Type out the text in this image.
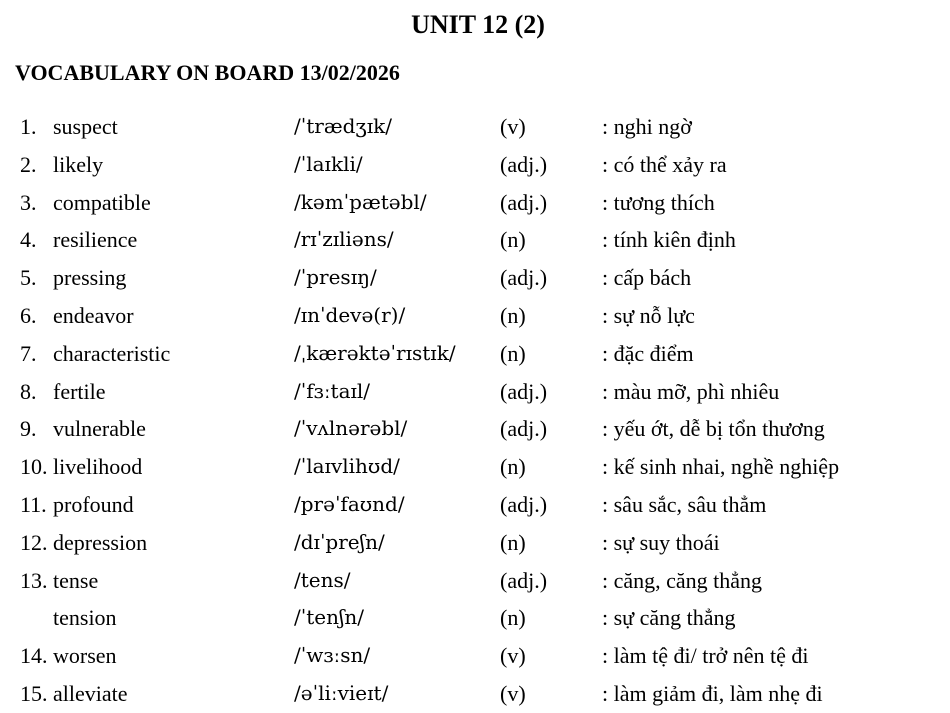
UNIT 12 (2)
VOCABULARY ON BOARD 13/02/2026
1. suspect	/ˈtrædʒɪk/	(v)	: nghi ngờ
2. likely	/ˈlaɪkli/	(adj.) : có thể xảy ra
3. compatible	/kəmˈpætəbl/	(adj.) : tương thích
4. resilience	/rɪˈzɪliəns/	(n)	: tính kiên định
5. pressing	/ˈpresɪŋ/	(adj.) : cấp bách
6. endeavor	/ɪnˈdevə(r)/	(n)	: sự nỗ lực
7. characteristic	/ˌkærəktəˈrɪstɪk/ (n)	: đặc điểm
8. fertile	/ˈfɜːtaɪl/	(adj.) : màu mỡ, phì nhiêu
9. vulnerable	/ˈvʌlnərəbl/	(adj.) : yếu ớt, dễ bị tổn thương
10. livelihood	/ˈlaɪvlihʊd/	(n)	: kế sinh nhai, nghề nghiệp
11. profound	/prəˈfaʊnd/	(adj.) : sâu sắc, sâu thẳm
12. depression	/dɪˈpreʃn/	(n)	: sự suy thoái
13. tense	/tens/	(adj.) : căng, căng thẳng
tension	/ˈtenʃn/	(n)	: sự căng thẳng
14. worsen	/ˈwɜːsn/	(v)	: làm tệ đi/ trở nên tệ đi
15. alleviate	/əˈliːvieɪt/	(v)	: làm giảm đi, làm nhẹ đi
